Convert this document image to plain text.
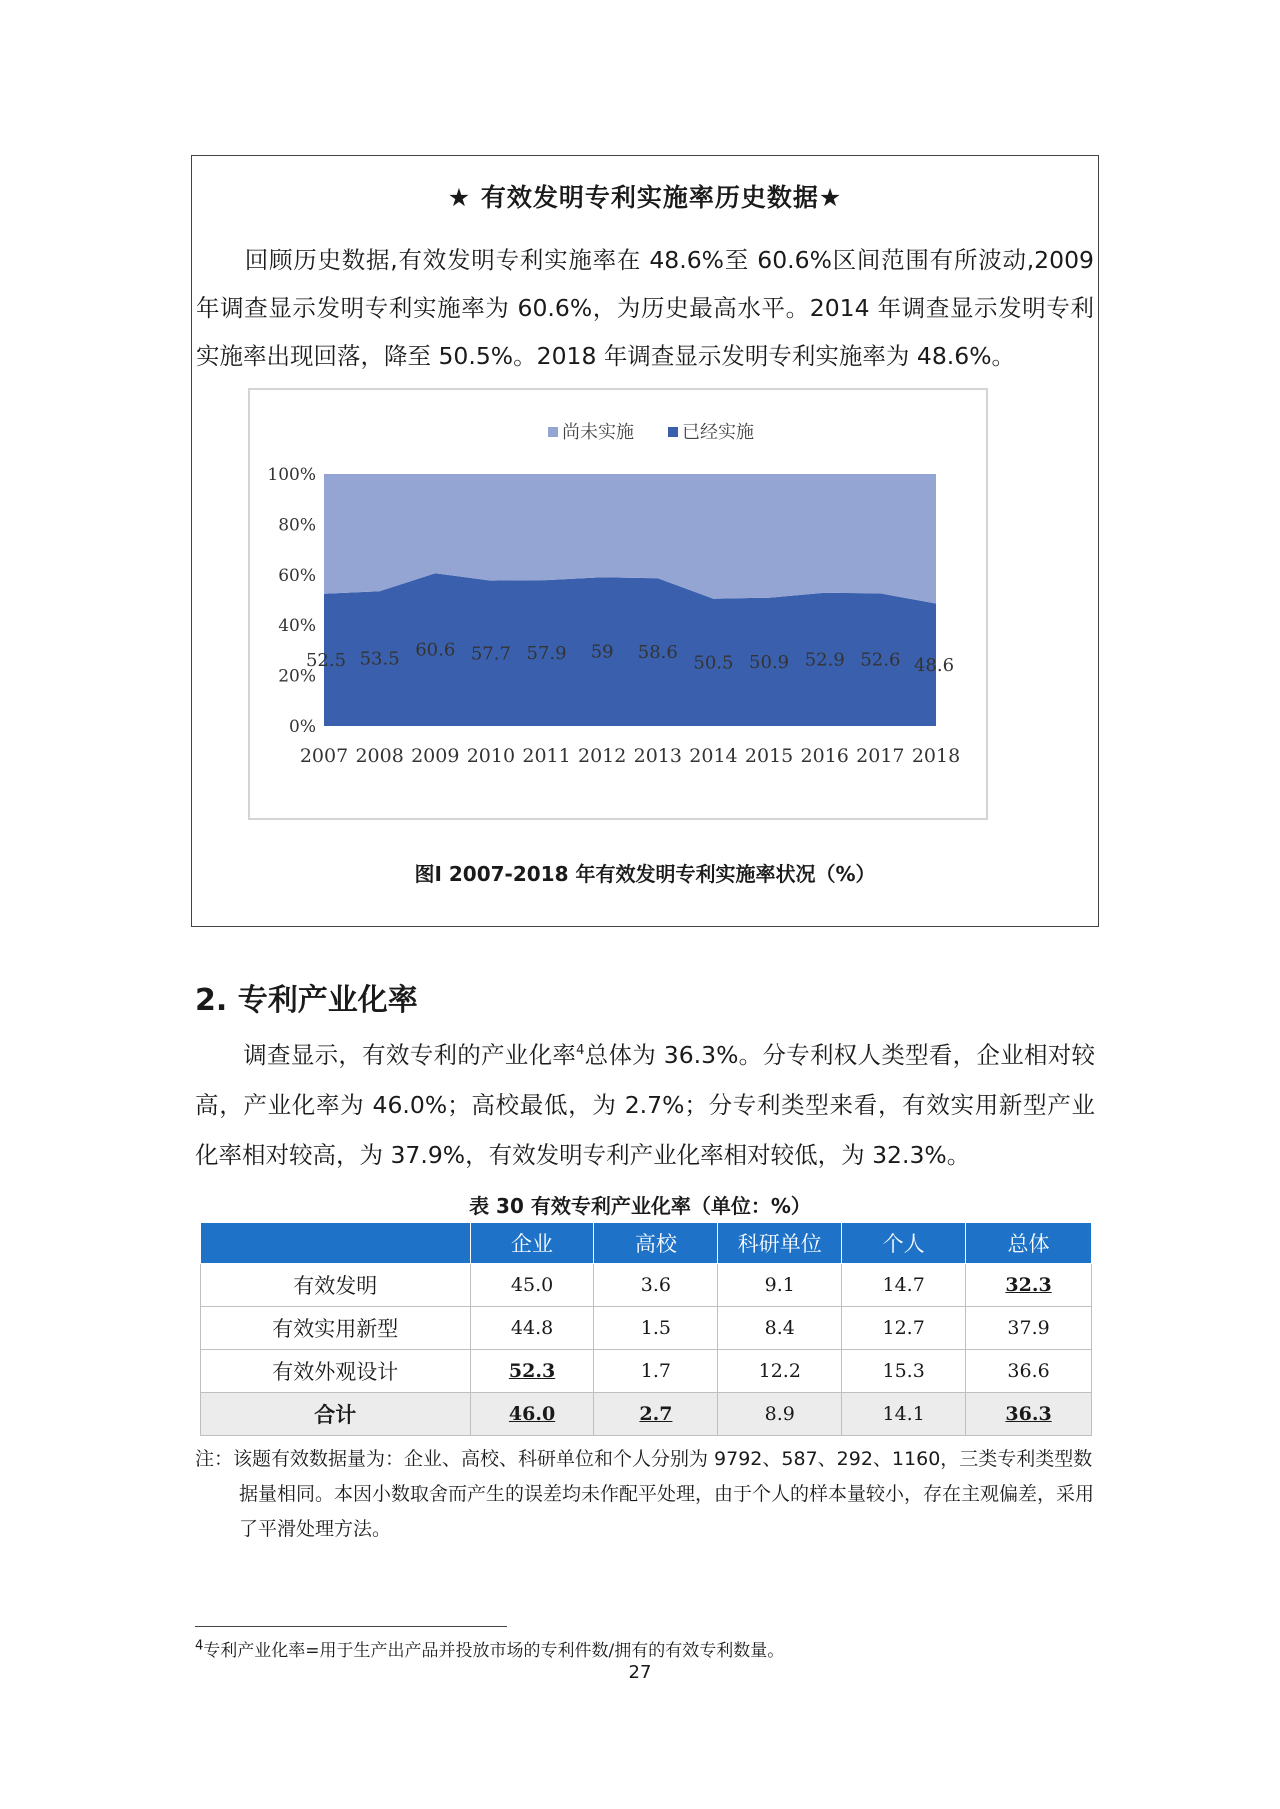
★ 有效发明专利实施率历史数据★
回顾历史数据,有效发明专利实施率在 48.6%至 60.6%区间范围有所波动,2009 年调查显示发明专利实施率为 60.6%，为历史最高水平。2014 年调查显示发明专利实施率出现回落，降至 50.5%。2018 年调查显示发明专利实施率为 48.6%。
0%
20%
40%
60%
80%
100%
2007 2008 2009 2010 2011 2012 2013 2014 2015 2016 2017 2018
52.5 53.5 60.6 57.7 57.9 59 58.6 50.5 50.9 52.9 52.6 48.6
尚未实施	已经实施
图Ⅰ 2007-2018 年有效发明专利实施率状况（%）
2. 专利产业化率
调查显示，有效专利的产业化率$^4$总体为 36.3%。分专利权人类型看，企业相对较高，产业化率为 46.0%；高校最低，为 2.7%；分专利类型来看，有效实用新型产业化率相对较高，为 37.9%，有效发明专利产业化率相对较低，为 32.3%。
表 30 有效专利产业化率（单位：%）
	企业	高校	科研单位	个人	总体
有效发明	45.0	3.6	9.1	14.7	32.3
有效实用新型	44.8	1.5	8.4	12.7	37.9
有效外观设计	52.3	1.7	12.2	15.3	36.6
合计	46.0	2.7	8.9	14.1	36.3
注：该题有效数据量为：企业、高校、科研单位和个人分别为 9792、587、292、1160，三类专利类型数据量相同。本因小数取舍而产生的误差均未作配平处理，由于个人的样本量较小，存在主观偏差，采用了平滑处理方法。
$^4$专利产业化率=用于生产出产品并投放市场的专利件数/拥有的有效专利数量。
27
